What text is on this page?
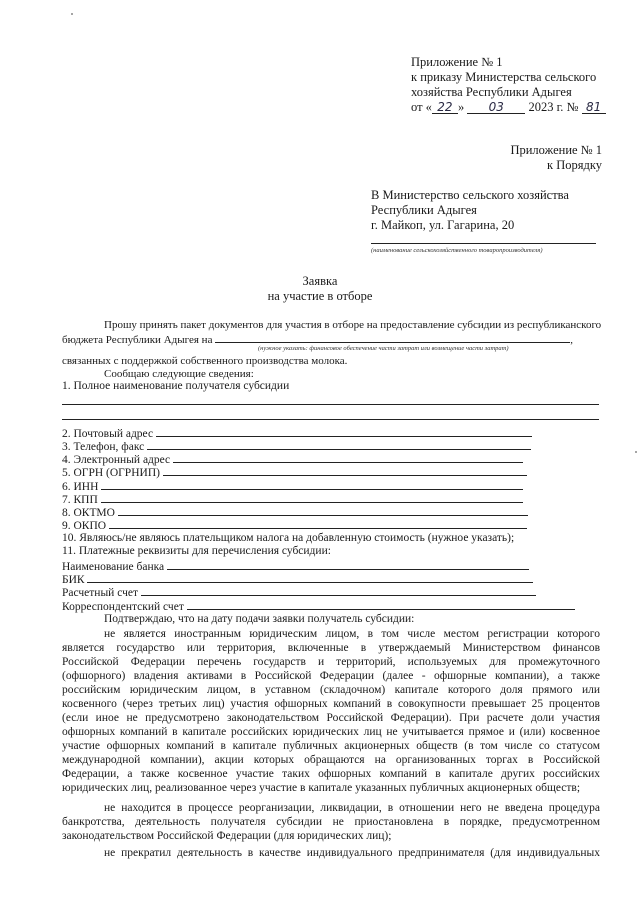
Приложение № 1
к приказу Министерства сельского
хозяйства Республики Адыгея
от « 22 » 03 2023 г. № 81
Приложение № 1
к Порядку
В Министерство сельского хозяйства
Республики Адыгея
г. Майкоп, ул. Гагарина, 20
(наименование сельскохозяйственного товаропроизводителя)
Заявка
на участие в отборе
Прошу принять пакет документов для участия в отборе на предоставление субсидии из республиканского
бюджета Республики Адыгея на	,
(нужное указать: финансовое обеспечение части затрат или возмещение части затрат)
связанных с поддержкой собственного производства молока.
Сообщаю следующие сведения:
1. Полное наименование получателя субсидии
2. Почтовый адрес
3. Телефон, факс
4. Электронный адрес
5. ОГРН (ОГРНИП)
6. ИНН
7. КПП
8. ОКТМО
9. ОКПО
10. Являюсь/не являюсь плательщиком налога на добавленную стоимость (нужное указать);
11. Платежные реквизиты для перечисления субсидии:
Наименование банка
БИК
Расчетный счет
Корреспондентский счет
Подтверждаю, что на дату подачи заявки получатель субсидии:
не является иностранным юридическим лицом, в том числе местом регистрации которого
является государство или территория, включенные в утверждаемый Министерством финансов
Российской Федерации перечень государств и территорий, используемых для промежуточного
(офшорного) владения активами в Российской Федерации (далее - офшорные компании), а также
российским юридическим лицом, в уставном (складочном) капитале которого доля прямого или
косвенного (через третьих лиц) участия офшорных компаний в совокупности превышает 25 процентов
(если иное не предусмотрено законодательством Российской Федерации). При расчете доли участия
офшорных компаний в капитале российских юридических лиц не учитывается прямое и (или) косвенное
участие офшорных компаний в капитале публичных акционерных обществ (в том числе со статусом
международной компании), акции которых обращаются на организованных торгах в Российской
Федерации, а также косвенное участие таких офшорных компаний в капитале других российских
юридических лиц, реализованное через участие в капитале указанных публичных акционерных обществ;
не находится в процессе реорганизации, ликвидации, в отношении него не введена процедура
банкротства, деятельность получателя субсидии не приостановлена в порядке, предусмотренном
законодательством Российской Федерации (для юридических лиц);
не прекратил деятельность в качестве индивидуального предпринимателя (для индивидуальных
